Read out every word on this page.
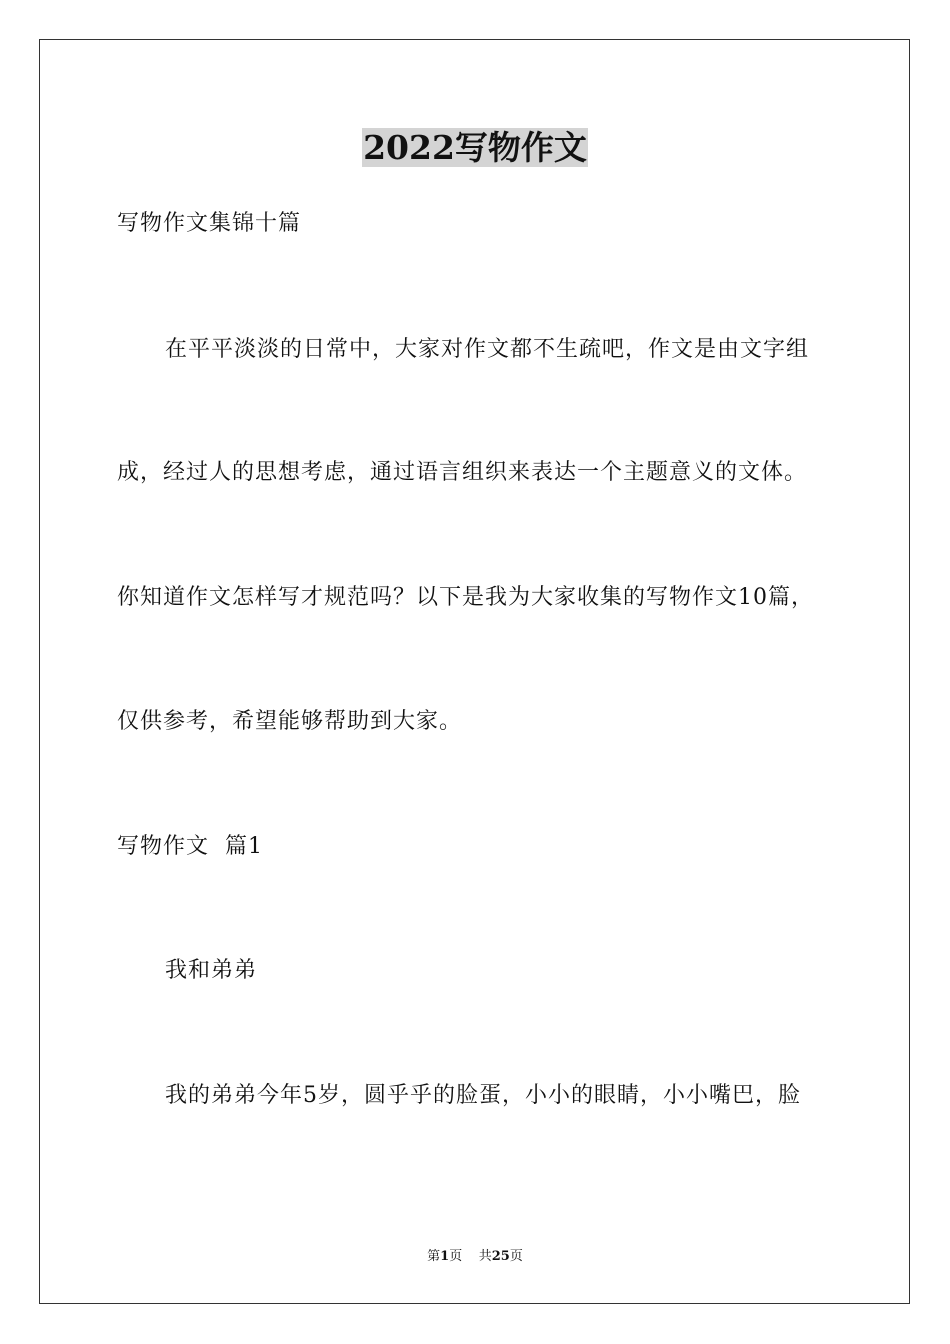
2022写物作文
写物作文集锦十篇
在平平淡淡的日常中，大家对作文都不生疏吧，作文是由文字组
成，经过人的思想考虑，通过语言组织来表达一个主题意义的文体。
你知道作文怎样写才规范吗？以下是我为大家收集的写物作文10篇，
仅供参考，希望能够帮助到大家。
写物作文  篇1
我和弟弟
我的弟弟今年5岁，圆乎乎的脸蛋，小小的眼睛，小小嘴巴，脸
第1页 共25页
